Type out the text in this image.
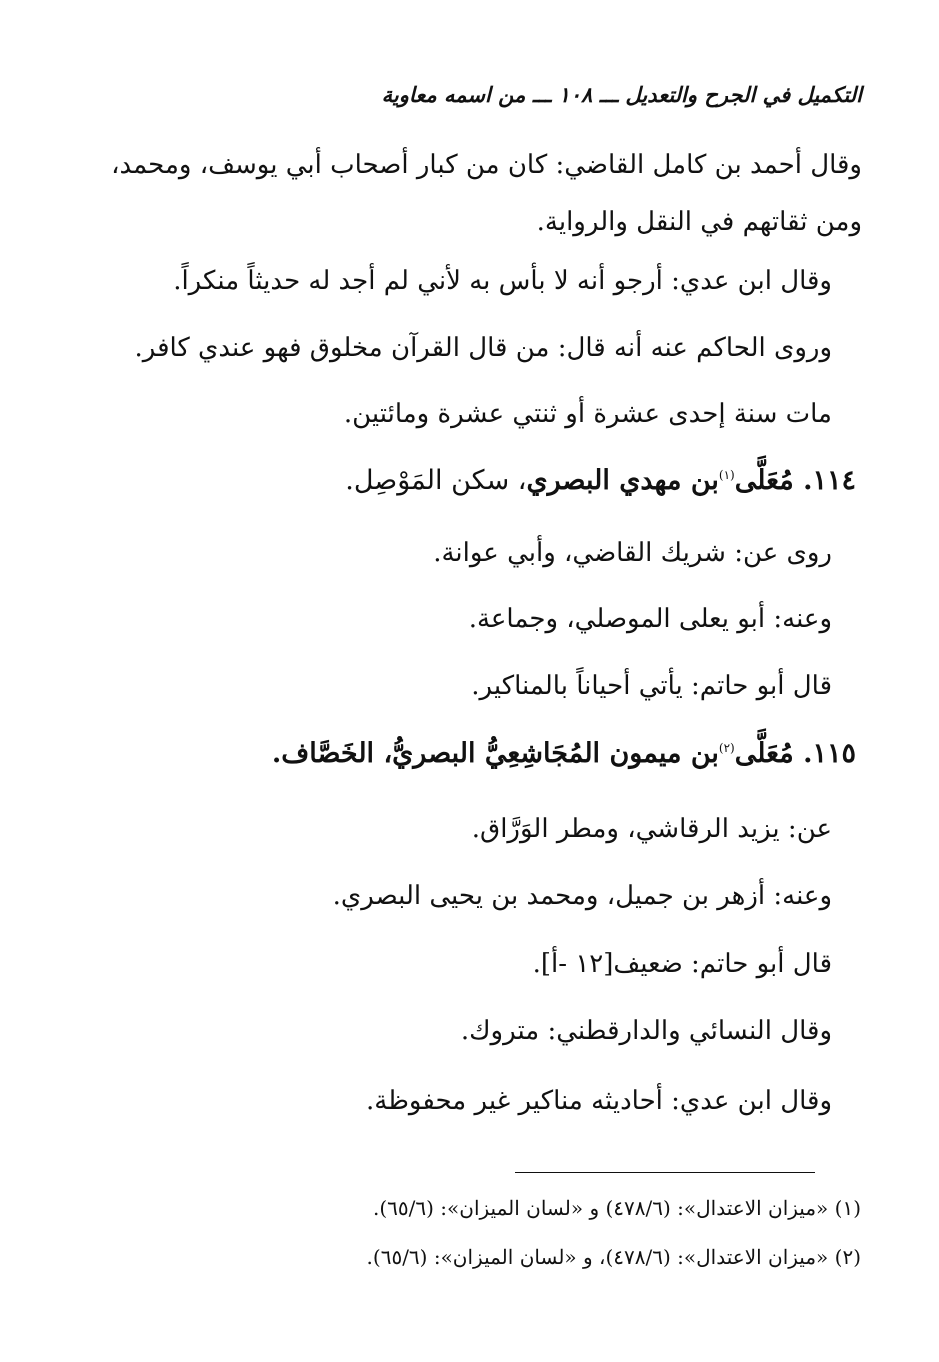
التكميل في الجرح والتعديل ـــ ١٠٨ ـــ من اسمه معاوية
وقال أحمد بن كامل القاضي: كان من كبار أصحاب أبي يوسف، ومحمد،
ومن ثقاتهم في النقل والرواية.
وقال ابن عدي: أرجو أنه لا بأس به لأني لم أجد له حديثاً منكراً.
وروى الحاكم عنه أنه قال: من قال القرآن مخلوق فهو عندي كافر.
مات سنة إحدى عشرة أو ثنتي عشرة ومائتين.
١١٤. مُعَلَّى$^{(١)}$بن مهدي البصري، سكن المَوْصِل.
روى عن: شريك القاضي، وأبي عوانة.
وعنه: أبو يعلى الموصلي، وجماعة.
قال أبو حاتم: يأتي أحياناً بالمناكير.
١١٥. مُعَلَّى$^{(٢)}$بن ميمون المُجَاشِعِيُّ البصريُّ، الخَصَّاف.
عن: يزيد الرقاشي، ومطر الوَرَّاق.
وعنه: أزهر بن جميل، ومحمد بن يحيى البصري.
قال أبو حاتم: ضعيف[١٢ -أ].
وقال النسائي والدارقطني: متروك.
وقال ابن عدي: أحاديثه مناكير غير محفوظة.
(١) «ميزان الاعتدال»: (٤٧٨/٦) و «لسان الميزان»: (٦٥/٦).
(٢) «ميزان الاعتدال»: (٤٧٨/٦)، و «لسان الميزان»: (٦٥/٦).
